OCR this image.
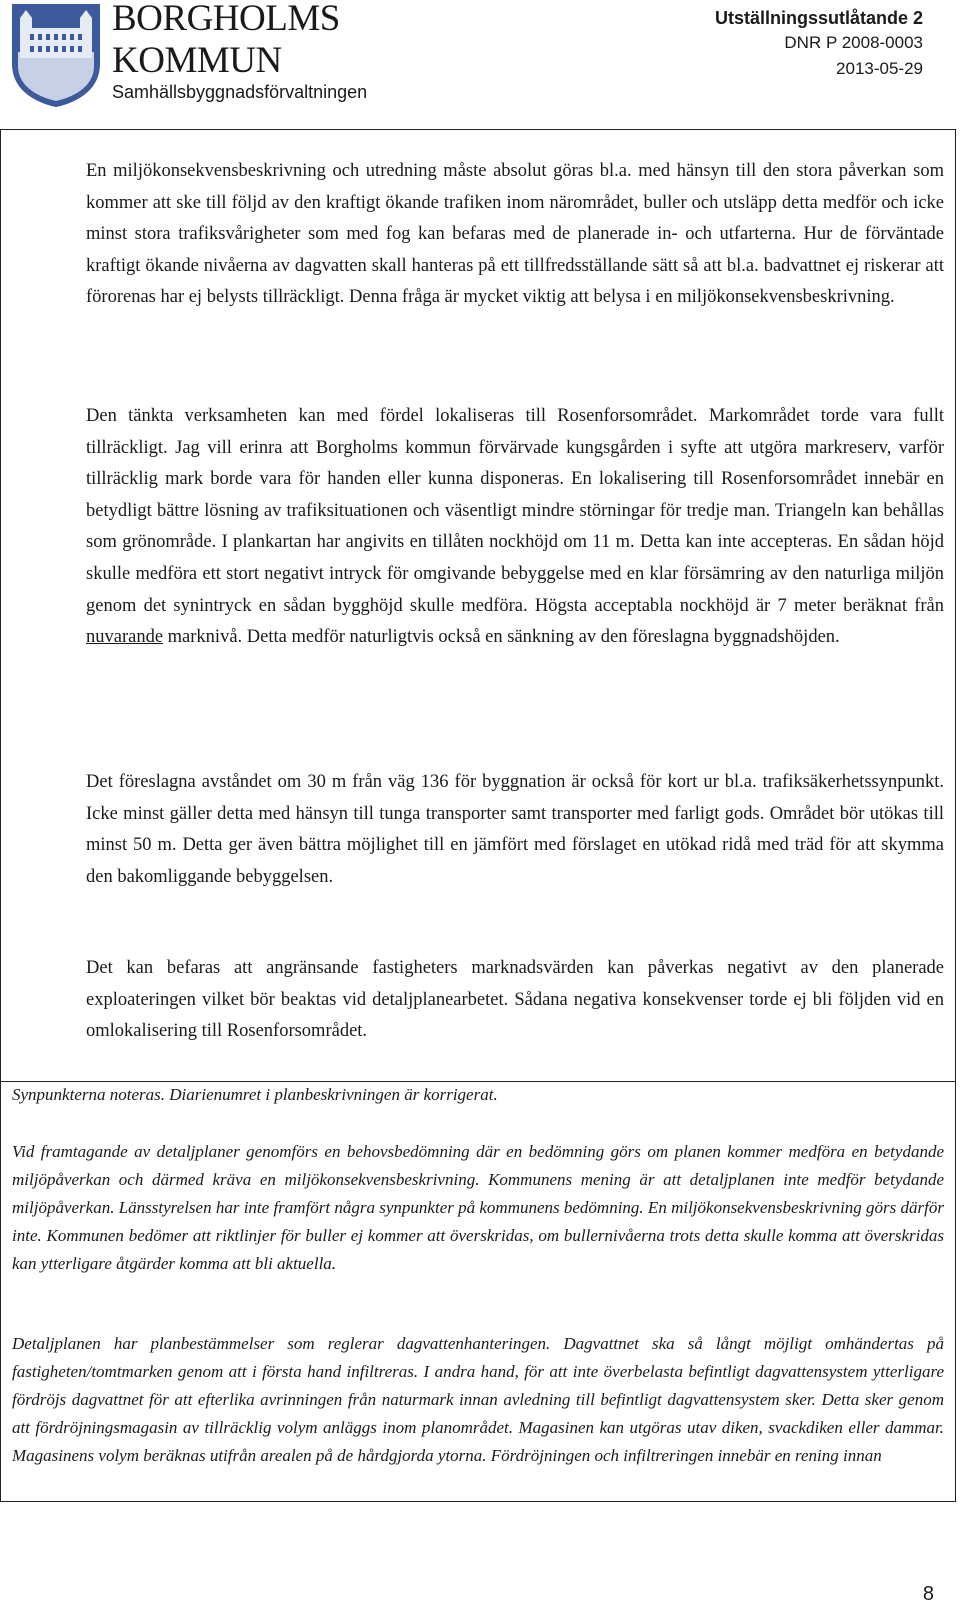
BORGHOLMS
KOMMUN
Samhällsbyggnadsförvaltningen
Utställningssutlåtande 2
DNR P 2008-0003
2013-05-29

En miljökonsekvensbeskrivning och utredning måste absolut göras bl.a. med hänsyn till den stora påverkan som kommer att ske till följd av den kraftigt ökande trafiken inom närområdet, buller och utsläpp detta medför och icke minst stora trafiksvårigheter som med fog kan befaras med de planerade in- och utfarterna. Hur de förväntade kraftigt ökande nivåerna av dagvatten skall hanteras på ett tillfredsställande sätt så att bl.a. badvattnet ej riskerar att förorenas har ej belysts tillräckligt. Denna fråga är mycket viktig att belysa i en miljökonsekvensbeskrivning.

Den tänkta verksamheten kan med fördel lokaliseras till Rosenforsområdet. Markområdet torde vara fullt tillräckligt. Jag vill erinra att Borgholms kommun förvärvade kungsgården i syfte att utgöra markreserv, varför tillräcklig mark borde vara för handen eller kunna disponeras. En lokalisering till Rosenforsområdet innebär en betydligt bättre lösning av trafiksituationen och väsentligt mindre störningar för tredje man. Triangeln kan behållas som grönområde. I plankartan har angivits en tillåten nockhöjd om 11 m. Detta kan inte accepteras. En sådan höjd skulle medföra ett stort negativt intryck för omgivande bebyggelse med en klar försämring av den naturliga miljön genom det synintryck en sådan bygghöjd skulle medföra. Högsta acceptabla nockhöjd är 7 meter beräknat från nuvarande marknivå. Detta medför naturligtvis också en sänkning av den föreslagna byggnadshöjden.

Det föreslagna avståndet om 30 m från väg 136 för byggnation är också för kort ur bl.a. trafiksäkerhetssynpunkt. Icke minst gäller detta med hänsyn till tunga transporter samt transporter med farligt gods. Området bör utökas till minst 50 m. Detta ger även bättra möjlighet till en jämfört med förslaget en utökad ridå med träd för att skymma den bakomliggande bebyggelsen.

Det kan befaras att angränsande fastigheters marknadsvärden kan påverkas negativt av den planerade exploateringen vilket bör beaktas vid detaljplanearbetet. Sådana negativa konsekvenser torde ej bli följden vid en omlokalisering till Rosenforsområdet.

Synpunkterna noteras. Diarienumret i planbeskrivningen är korrigerat.

Vid framtagande av detaljplaner genomförs en behovsbedömning där en bedömning görs om planen kommer medföra en betydande miljöpåverkan och därmed kräva en miljökonsekvensbeskrivning. Kommunens mening är att detaljplanen inte medför betydande miljöpåverkan. Länsstyrelsen har inte framfört några synpunkter på kommunens bedömning. En miljökonsekvensbeskrivning görs därför inte. Kommunen bedömer att riktlinjer för buller ej kommer att överskridas, om bullernivåerna trots detta skulle komma att överskridas kan ytterligare åtgärder komma att bli aktuella.

Detaljplanen har planbestämmelser som reglerar dagvattenhanteringen. Dagvattnet ska så långt möjligt omhändertas på fastigheten/tomtmarken genom att i första hand infiltreras. I andra hand, för att inte överbelasta befintligt dagvattensystem ytterligare fördröjs dagvattnet för att efterlika avrinningen från naturmark innan avledning till befintligt dagvattensystem sker. Detta sker genom att fördröjningsmagasin av tillräcklig volym anläggs inom planområdet. Magasinen kan utgöras utav diken, svackdiken eller dammar. Magasinens volym beräknas utifrån arealen på de hårdgjorda ytorna. Fördröjningen och infiltreringen innebär en rening innan

8
